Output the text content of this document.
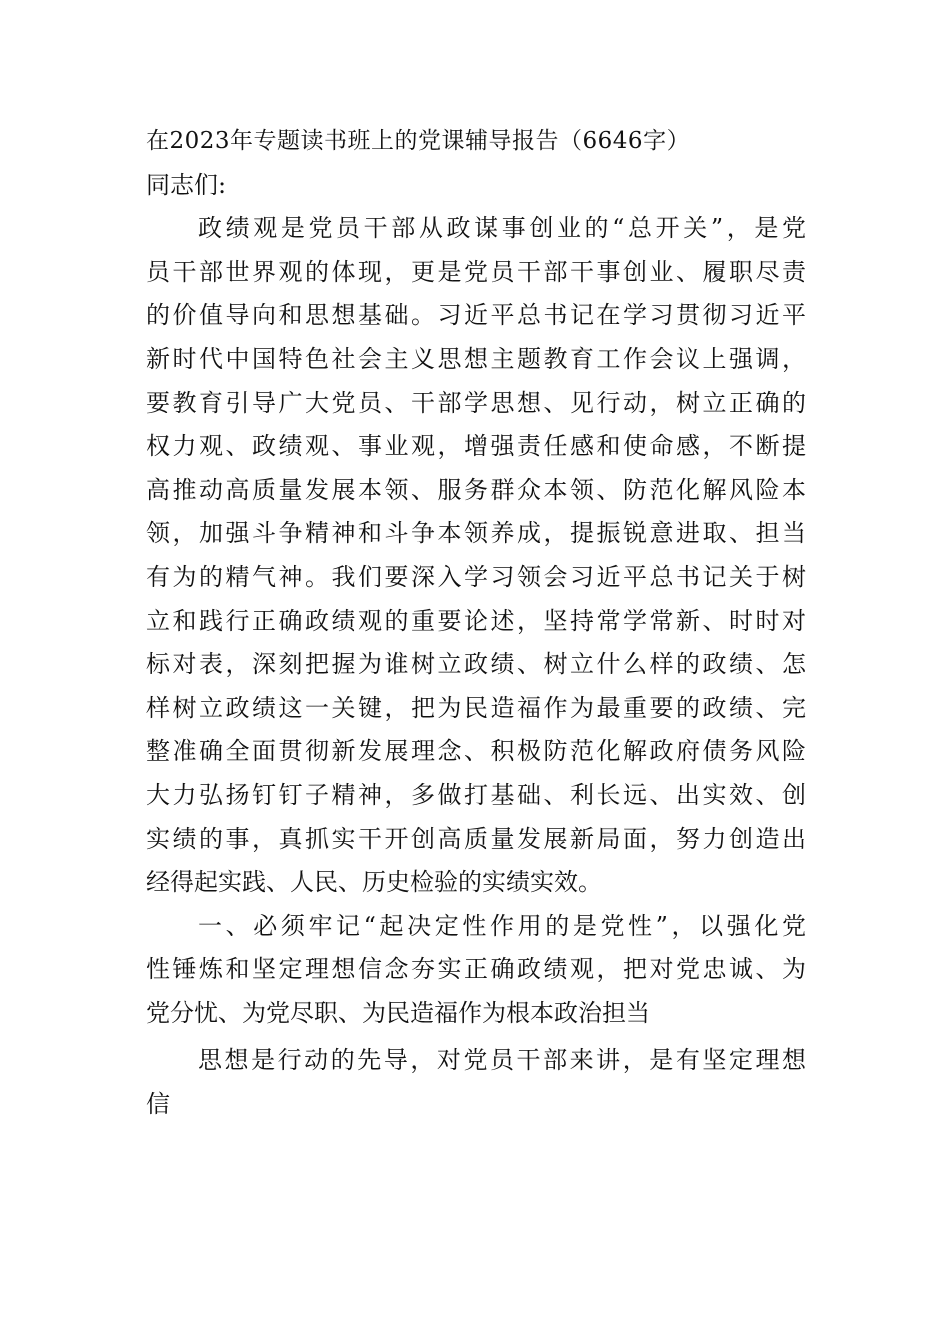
在2023年专题读书班上的党课辅导报告（6646字）
同志们:
政绩观是党员干部从政谋事创业的“总开关”，是党
员干部世界观的体现，更是党员干部干事创业、履职尽责
的价值导向和思想基础。习近平总书记在学习贯彻习近平
新时代中国特色社会主义思想主题教育工作会议上强调，
要教育引导广大党员、干部学思想、见行动，树立正确的
权力观、政绩观、事业观，增强责任感和使命感，不断提
高推动高质量发展本领、服务群众本领、防范化解风险本
领，加强斗争精神和斗争本领养成，提振锐意进取、担当
有为的精气神。我们要深入学习领会习近平总书记关于树
立和践行正确政绩观的重要论述，坚持常学常新、时时对
标对表，深刻把握为谁树立政绩、树立什么样的政绩、怎
样树立政绩这一关键，把为民造福作为最重要的政绩、完
整准确全面贯彻新发展理念、积极防范化解政府债务风险
大力弘扬钉钉子精神，多做打基础、利长远、出实效、创
实绩的事，真抓实干开创高质量发展新局面，努力创造出
经得起实践、人民、历史检验的实绩实效。
一、必须牢记“起决定性作用的是党性”，以强化党
性锤炼和坚定理想信念夯实正确政绩观，把对党忠诚、为
党分忧、为党尽职、为民造福作为根本政治担当
思想是行动的先导，对党员干部来讲，是有坚定理想
信
